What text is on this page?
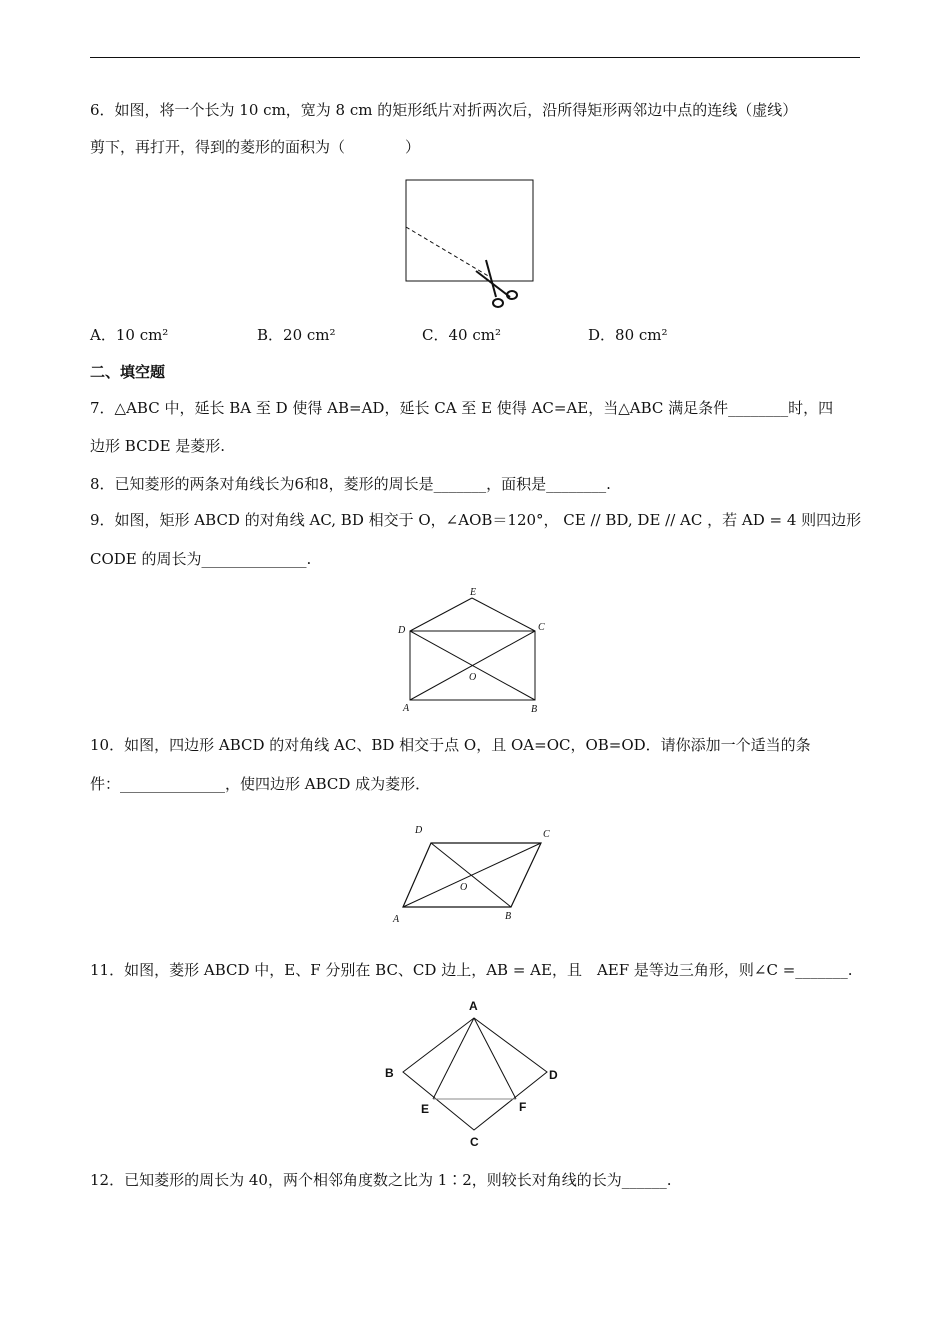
6．如图，将一个长为 10 cm，宽为 8 cm 的矩形纸片对折两次后，沿所得矩形两邻边中点的连线（虚线）
剪下，再打开，得到的菱形的面积为（　　　　）
A．10 cm²	B．20 cm²	C．40 cm²	D．80 cm²
二、填空题
7．△ABC 中，延长 BA 至 D 使得 AB=AD，延长 CA 至 E 使得 AC=AE，当△ABC 满足条件________时，四
边形 BCDE 是菱形.
8．已知菱形的两条对角线长为6和8，菱形的周长是_______，面积是________.
9．如图，矩形 ABCD 的对角线 AC, BD 相交于 O，∠AOB＝120°， CE // BD, DE // AC ，若 AD = 4 则四边形
CODE 的周长为______________.
E
D	C
O
A	B
10．如图，四边形 ABCD 的对角线 AC、BD 相交于点 O，且 OA=OC，OB=OD．请你添加一个适当的条
件：______________，使四边形 ABCD 成为菱形．
D	C
O
A	B
11．如图，菱形 ABCD 中，E、F 分别在 BC、CD 边上，AB = AE，且　AEF 是等边三角形，则∠C =_______.
A
B	D
E	F
C
12．已知菱形的周长为 40，两个相邻角度数之比为 1∶2，则较长对角线的长为______.
